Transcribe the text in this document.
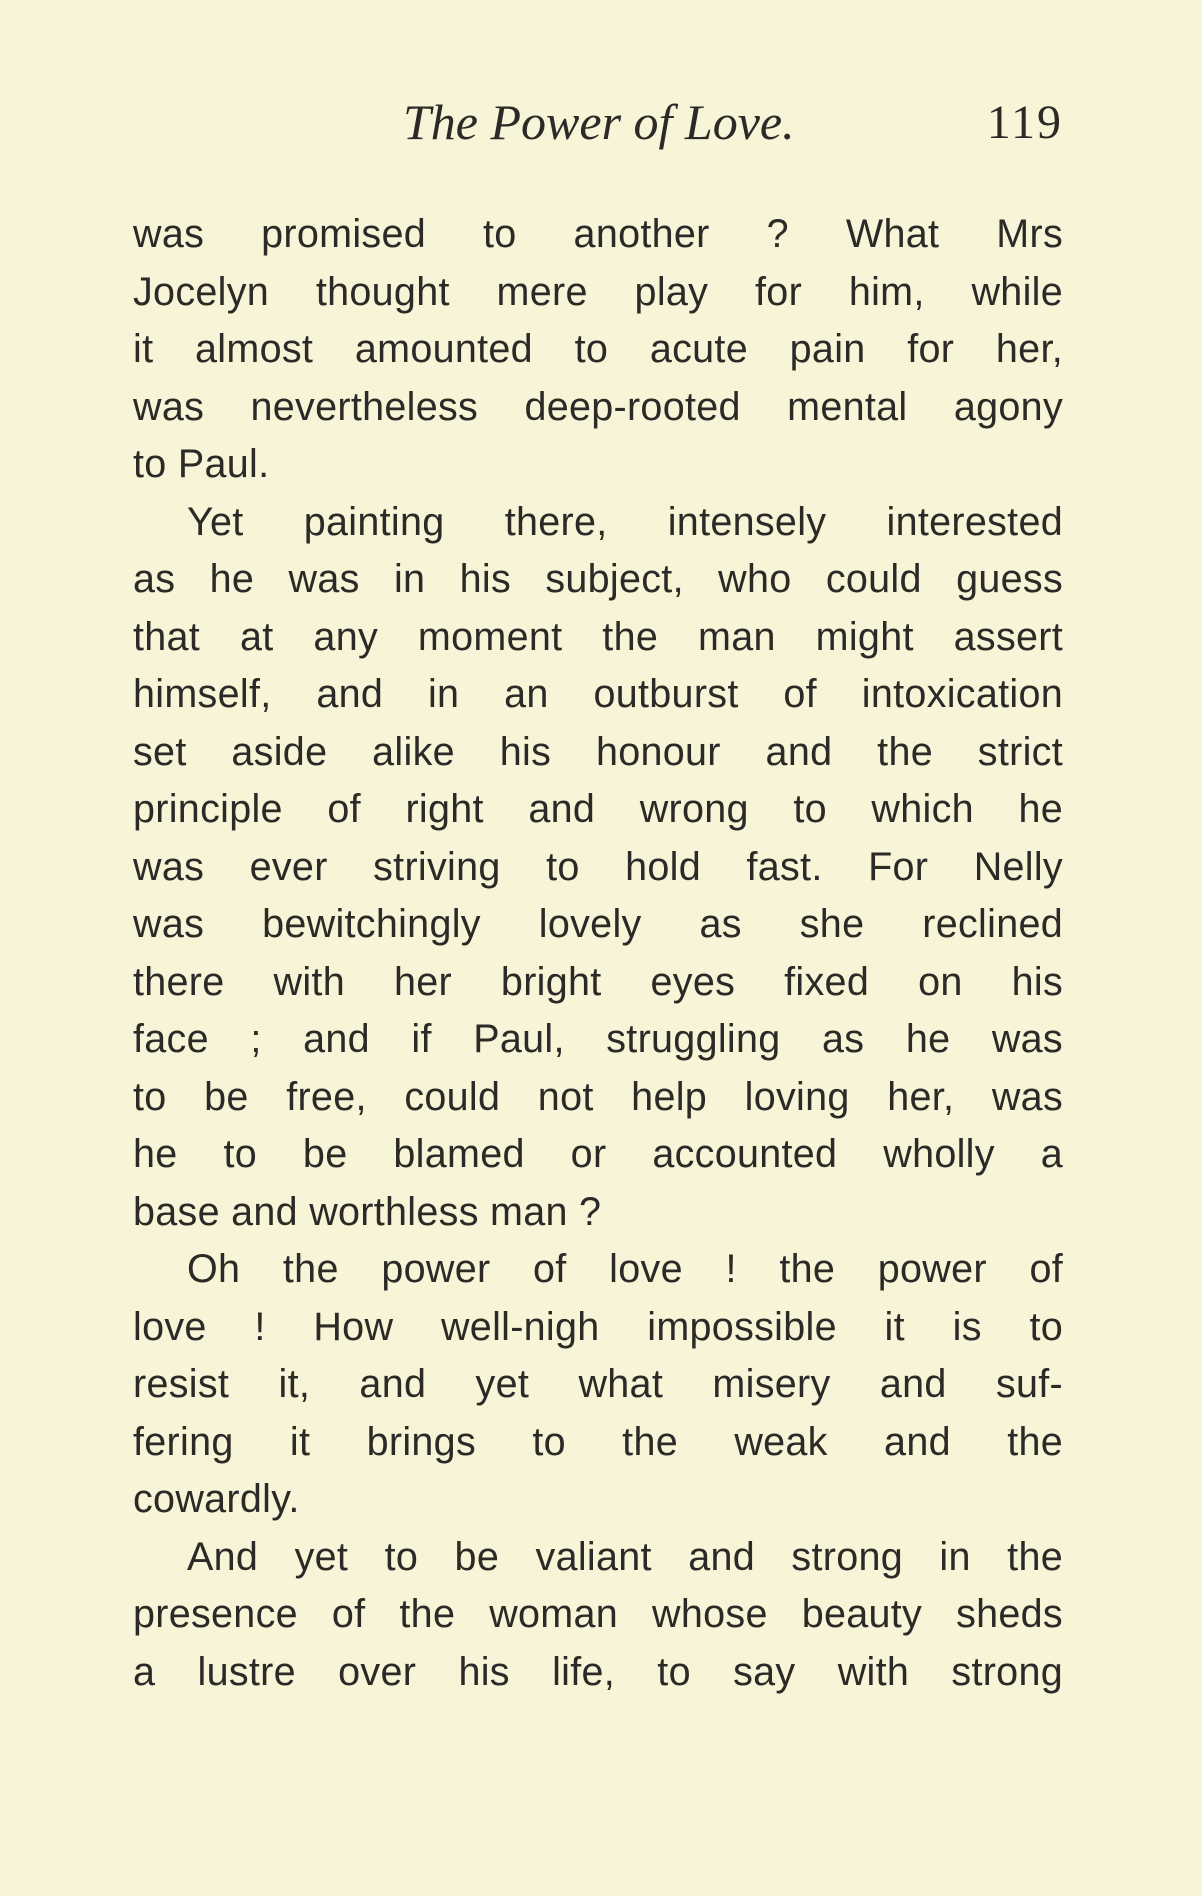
The Power of Love.	119
was promised to another ? What Mrs
Jocelyn thought mere play for him, while
it almost amounted to acute pain for her,
was nevertheless deep-rooted mental agony
to Paul.
Yet painting there, intensely interested
as he was in his subject, who could guess
that at any moment the man might assert
himself, and in an outburst of intoxication
set aside alike his honour and the strict
principle of right and wrong to which he
was ever striving to hold fast. For Nelly
was bewitchingly lovely as she reclined
there with her bright eyes fixed on his
face ; and if Paul, struggling as he was
to be free, could not help loving her, was
he to be blamed or accounted wholly a
base and worthless man ?
Oh the power of love ! the power of
love ! How well-nigh impossible it is to
resist it, and yet what misery and suf-
fering it brings to the weak and the
cowardly.
And yet to be valiant and strong in the
presence of the woman whose beauty sheds
a lustre over his life, to say with strong
